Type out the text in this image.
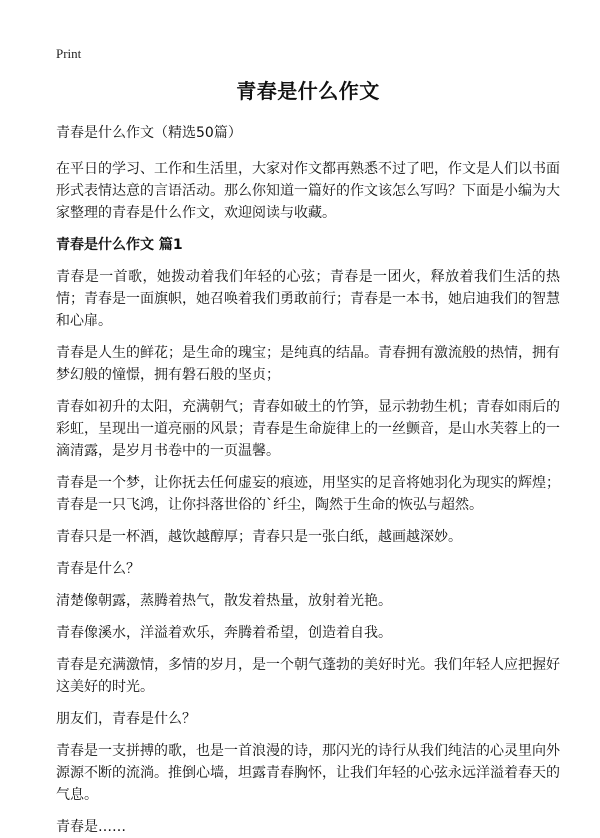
Print
青春是什么作文
青春是什么作文（精选50篇）
在平日的学习、工作和生活里，大家对作文都再熟悉不过了吧，作文是人们以书面形式表情达意的言语活动。那么你知道一篇好的作文该怎么写吗？下面是小编为大家整理的青春是什么作文，欢迎阅读与收藏。
青春是什么作文 篇1
青春是一首歌，她拨动着我们年轻的心弦；青春是一团火，释放着我们生活的热情；青春是一面旗帜，她召唤着我们勇敢前行；青春是一本书，她启迪我们的智慧和心扉。
青春是人生的鲜花；是生命的瑰宝；是纯真的结晶。青春拥有激流般的热情，拥有梦幻般的憧憬，拥有磐石般的坚贞；
青春如初升的太阳，充满朝气；青春如破土的竹笋，显示勃勃生机；青春如雨后的彩虹，呈现出一道亮丽的风景；青春是生命旋律上的一丝颤音，是山水芙蓉上的一滴清露，是岁月书卷中的一页温馨。
青春是一个梦，让你抚去任何虚妄的痕迹，用坚实的足音将她羽化为现实的辉煌；青春是一只飞鸿，让你抖落世俗的`纤尘，陶然于生命的恢弘与超然。
青春只是一杯酒，越饮越醇厚；青春只是一张白纸，越画越深妙。
青春是什么？
清楚像朝露，蒸腾着热气，散发着热量，放射着光艳。
青春像溪水，洋溢着欢乐，奔腾着希望，创造着自我。
青春是充满激情，多情的岁月，是一个朝气蓬勃的美好时光。我们年轻人应把握好这美好的时光。
朋友们，青春是什么？
青春是一支拼搏的歌，也是一首浪漫的诗，那闪光的诗行从我们纯洁的心灵里向外源源不断的流淌。推倒心墙，坦露青春胸怀，让我们年轻的心弦永远洋溢着春天的气息。
青春是……
